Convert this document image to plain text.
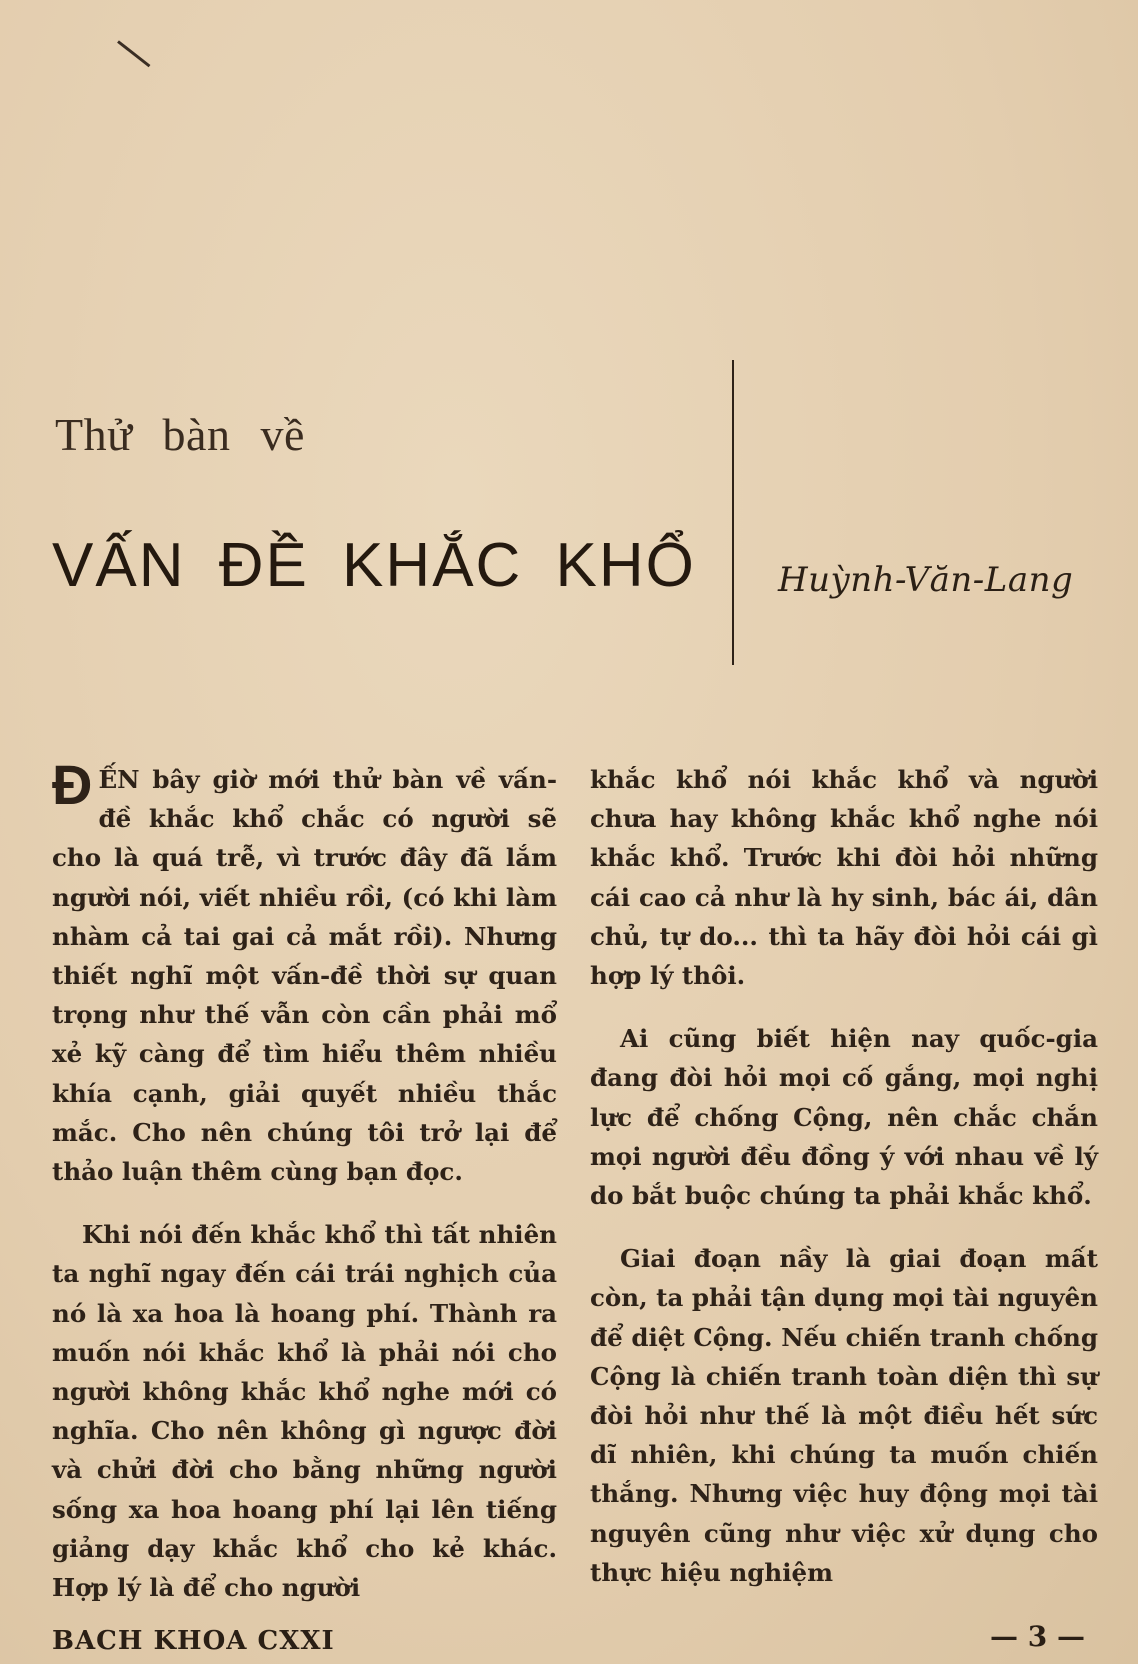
Thử bàn về
VẤN ĐỀ KHẮC KHỔ Huỳnh-Văn-Lang

ĐẾN bây giờ mới thử bàn về vấn-đề khắc khổ chắc có người sẽ cho là quá trễ, vì trước đây đã lắm người nói, viết nhiều rồi, (có khi làm nhàm cả tai gai cả mắt rồi). Nhưng thiết nghĩ một vấn-đề thời sự quan trọng như thế vẫn còn cần phải mổ xẻ kỹ càng để tìm hiểu thêm nhiều khía cạnh, giải quyết nhiều thắc mắc. Cho nên chúng tôi trở lại để thảo luận thêm cùng bạn đọc.

Khi nói đến khắc khổ thì tất nhiên ta nghĩ ngay đến cái trái nghịch của nó là xa hoa là hoang phí. Thành ra muốn nói khắc khổ là phải nói cho người không khắc khổ nghe mới có nghĩa. Cho nên không gì ngược đời và chửi đời cho bằng những người sống xa hoa hoang phí lại lên tiếng giảng dạy khắc khổ cho kẻ khác. Hợp lý là để cho người

khắc khổ nói khắc khổ và người chưa hay không khắc khổ nghe nói khắc khổ. Trước khi đòi hỏi những cái cao cả như là hy sinh, bác ái, dân chủ, tự do... thì ta hãy đòi hỏi cái gì hợp lý thôi.

Ai cũng biết hiện nay quốc-gia đang đòi hỏi mọi cố gắng, mọi nghị lực để chống Cộng, nên chắc chắn mọi người đều đồng ý với nhau về lý do bắt buộc chúng ta phải khắc khổ.

Giai đoạn nầy là giai đoạn mất còn, ta phải tận dụng mọi tài nguyên để diệt Cộng. Nếu chiến tranh chống Cộng là chiến tranh toàn diện thì sự đòi hỏi như thế là một điều hết sức dĩ nhiên, khi chúng ta muốn chiến thắng. Nhưng việc huy động mọi tài nguyên cũng như việc xử dụng cho thực hiệu nghiệm

BACH KHOA CXXI	— 3 —
